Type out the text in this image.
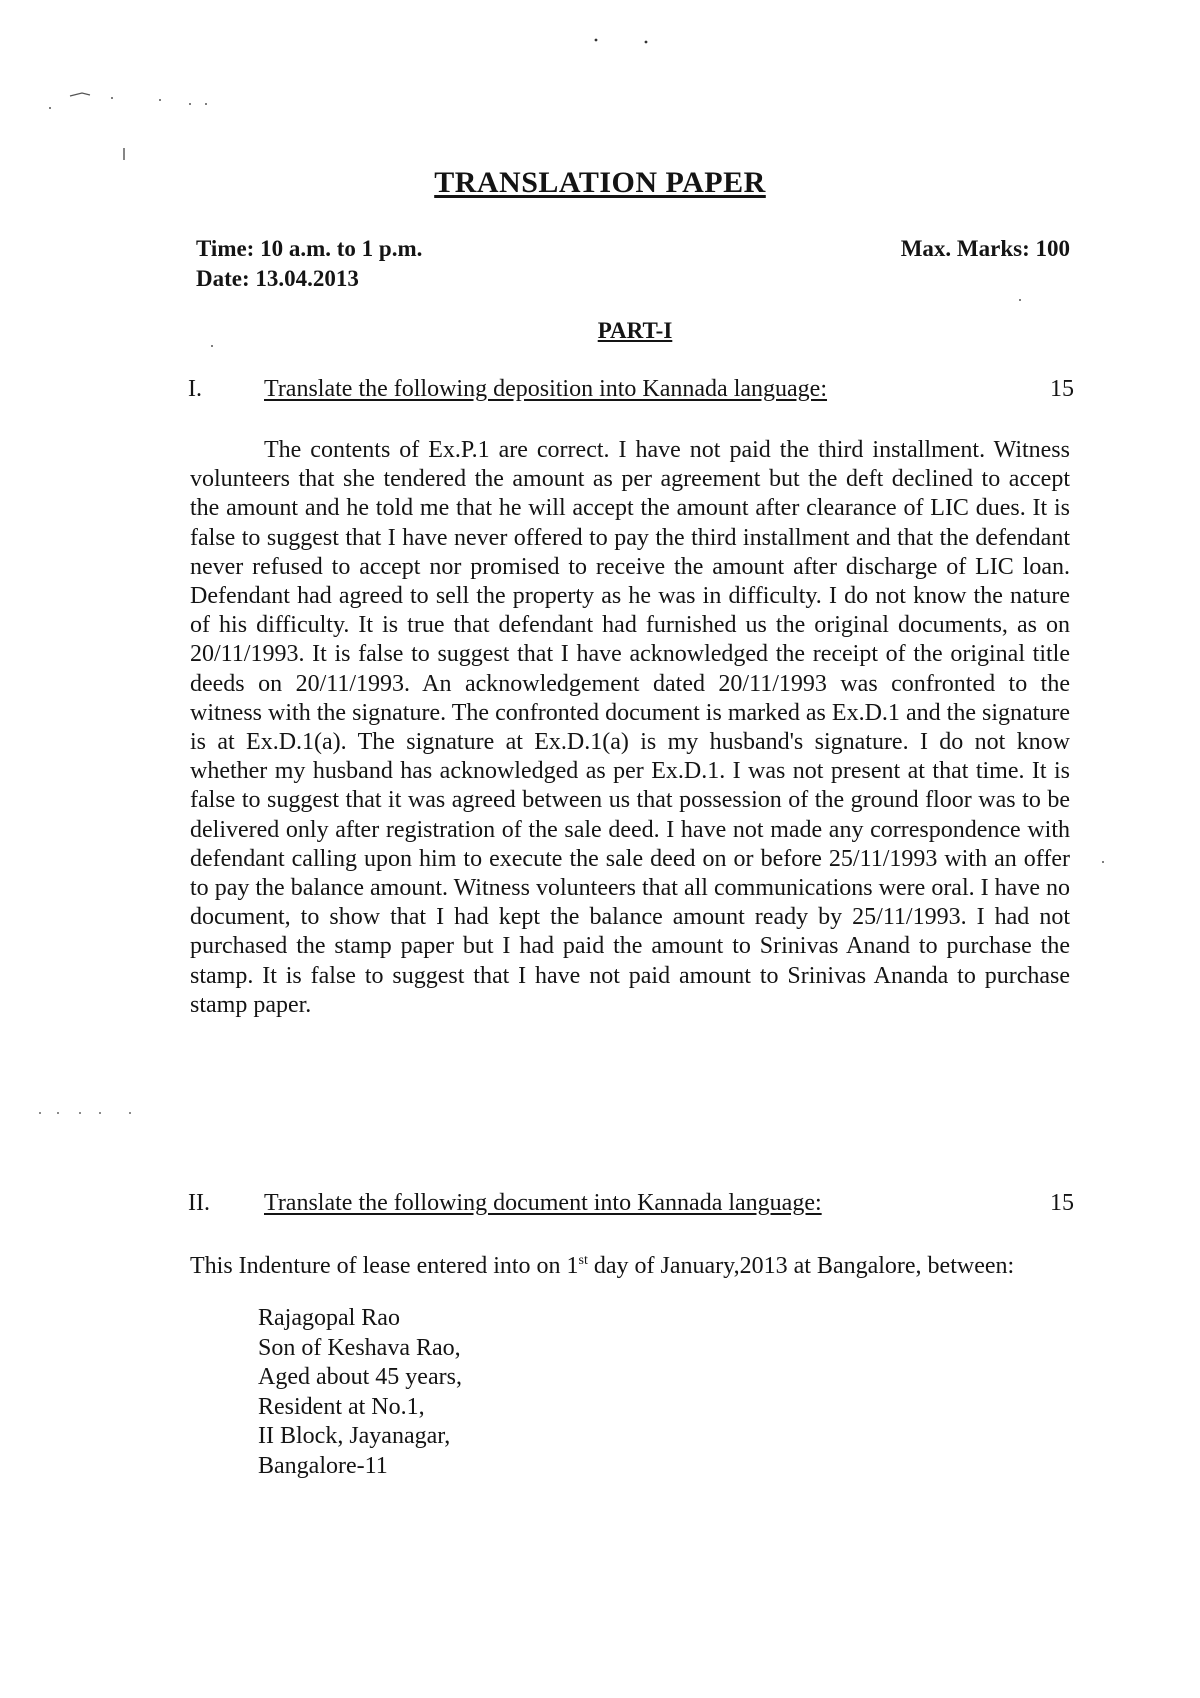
TRANSLATION PAPER
Time: 10 a.m. to 1 p.m.
Date: 13.04.2013
Max. Marks: 100
PART-I
I.	Translate the following deposition into Kannada language:	15

The contents of Ex.P.1 are correct. I have not paid the third installment. Witness volunteers that she tendered the amount as per agreement but the deft declined to accept the amount and he told me that he will accept the amount after clearance of LIC dues. It is false to suggest that I have never offered to pay the third installment and that the defendant never refused to accept nor promised to receive the amount after discharge of LIC loan. Defendant had agreed to sell the property as he was in difficulty. I do not know the nature of his difficulty. It is true that defendant had furnished us the original documents, as on 20/11/1993. It is false to suggest that I have acknowledged the receipt of the original title deeds on 20/11/1993. An acknowledgement dated 20/11/1993 was confronted to the witness with the signature. The confronted document is marked as Ex.D.1 and the signature is at Ex.D.1(a). The signature at Ex.D.1(a) is my husband's signature. I do not know whether my husband has acknowledged as per Ex.D.1. I was not present at that time. It is false to suggest that it was agreed between us that possession of the ground floor was to be delivered only after registration of the sale deed. I have not made any correspondence with defendant calling upon him to execute the sale deed on or before 25/11/1993 with an offer to pay the balance amount. Witness volunteers that all communications were oral. I have no document, to show that I had kept the balance amount ready by 25/11/1993. I had not purchased the stamp paper but I had paid the amount to Srinivas Anand to purchase the stamp. It is false to suggest that I have not paid amount to Srinivas Ananda to purchase stamp paper.

II.	Translate the following document into Kannada language:	15

This Indenture of lease entered into on 1st day of January,2013 at Bangalore, between:

Rajagopal Rao
Son of Keshava Rao,
Aged about 45 years,
Resident at No.1,
II Block, Jayanagar,
Bangalore-11
